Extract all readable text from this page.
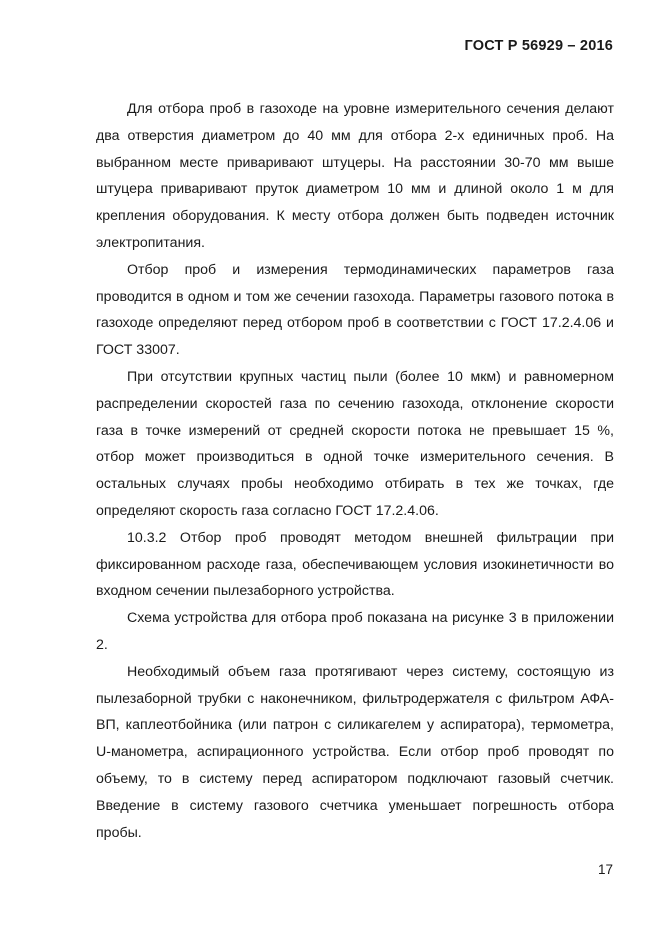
ГОСТ Р 56929 – 2016

Для отбора проб в газоходе на уровне измерительного сечения делают два отверстия диаметром до 40 мм для отбора 2-х единичных проб. На выбранном месте приваривают штуцеры. На расстоянии 30-70 мм выше штуцера приваривают пруток диаметром 10 мм и длиной около 1 м для крепления оборудования. К месту отбора должен быть подведен источник электропитания.

Отбор проб и измерения термодинамических параметров газа проводится в одном и том же сечении газохода. Параметры газового потока в газоходе определяют перед отбором проб в соответствии с ГОСТ 17.2.4.06 и ГОСТ 33007.

При отсутствии крупных частиц пыли (более 10 мкм) и равномерном распределении скоростей газа по сечению газохода, отклонение скорости газа в точке измерений от средней скорости потока не превышает 15 %, отбор может производиться в одной точке измерительного сечения. В остальных случаях пробы необходимо отбирать в тех же точках, где определяют скорость газа согласно ГОСТ 17.2.4.06.

10.3.2 Отбор проб проводят методом внешней фильтрации при фиксированном расходе газа, обеспечивающем условия изокинетичности во входном сечении пылезаборного устройства.

Схема устройства для отбора проб показана на рисунке 3 в приложении 2.

Необходимый объем газа протягивают через систему, состоящую из пылезаборной трубки с наконечником, фильтродержателя с фильтром АФА-ВП, каплеотбойника (или патрон с силикагелем у аспиратора), термометра, U-манометра, аспирационного устройства. Если отбор проб проводят по объему, то в систему перед аспиратором подключают газовый счетчик. Введение в систему газового счетчика уменьшает погрешность отбора пробы.

17
